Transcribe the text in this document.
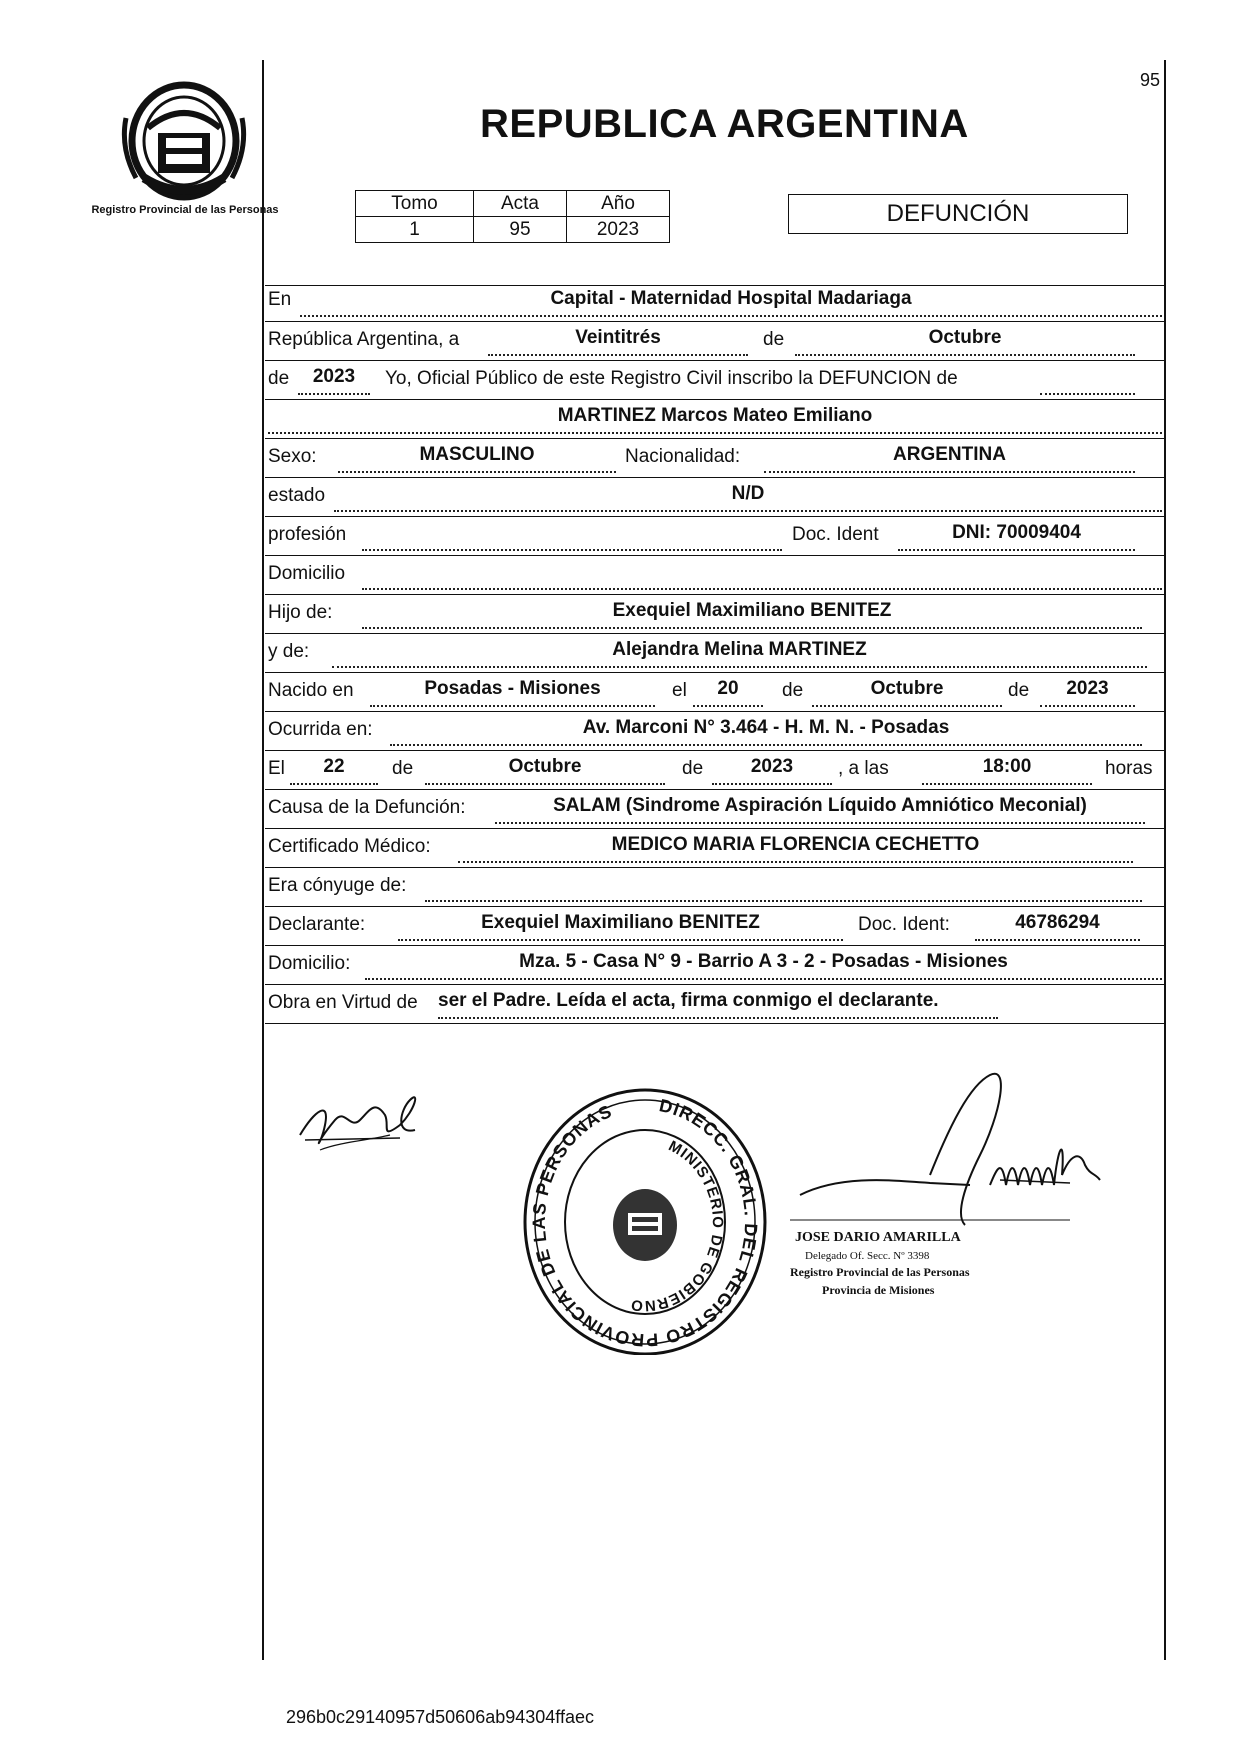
Registro Provincial de las Personas
95
REPUBLICA ARGENTINA
Tomo	Acta	Año
1	95	2023
DEFUNCIÓN
En	Capital - Maternidad Hospital Madariaga
República Argentina, a	Veintitrés	de	Octubre
de	2023	Yo, Oficial Público de este Registro Civil inscribo la DEFUNCION de
MARTINEZ Marcos Mateo Emiliano
Sexo:	MASCULINO	Nacionalidad:	ARGENTINA
estado	N/D
profesión	Doc. Ident	DNI: 70009404
Domicilio
Hijo de:	Exequiel Maximiliano BENITEZ
y de:	Alejandra Melina MARTINEZ
Nacido en	Posadas - Misiones	el	20	de	Octubre	de	2023
Ocurrida en:	Av. Marconi N° 3.464 - H. M. N. - Posadas
El	22	de	Octubre	de	2023	, a las	18:00	horas
Causa de la Defunción:	SALAM (Sindrome Aspiración Líquido Amniótico Meconial)
Certificado Médico:	MEDICO MARIA FLORENCIA CECHETTO
Era cónyuge de:
Declarante:	Exequiel Maximiliano BENITEZ	Doc. Ident:	46786294
Domicilio:	Mza. 5 - Casa N° 9 - Barrio A 3 - 2 - Posadas - Misiones
Obra en Virtud de ser el Padre. Leída el acta, firma conmigo el declarante.
DIRECC. GRAL. DEL REGISTRO PROVINCIAL DE LAS PERSONAS
MINISTERIO DE GOBIERNO
JOSE DARIO AMARILLA
Delegado Of. Secc. Nº 3398
Registro Provincial de las Personas
Provincia de Misiones
296b0c29140957d50606ab94304ffaec
